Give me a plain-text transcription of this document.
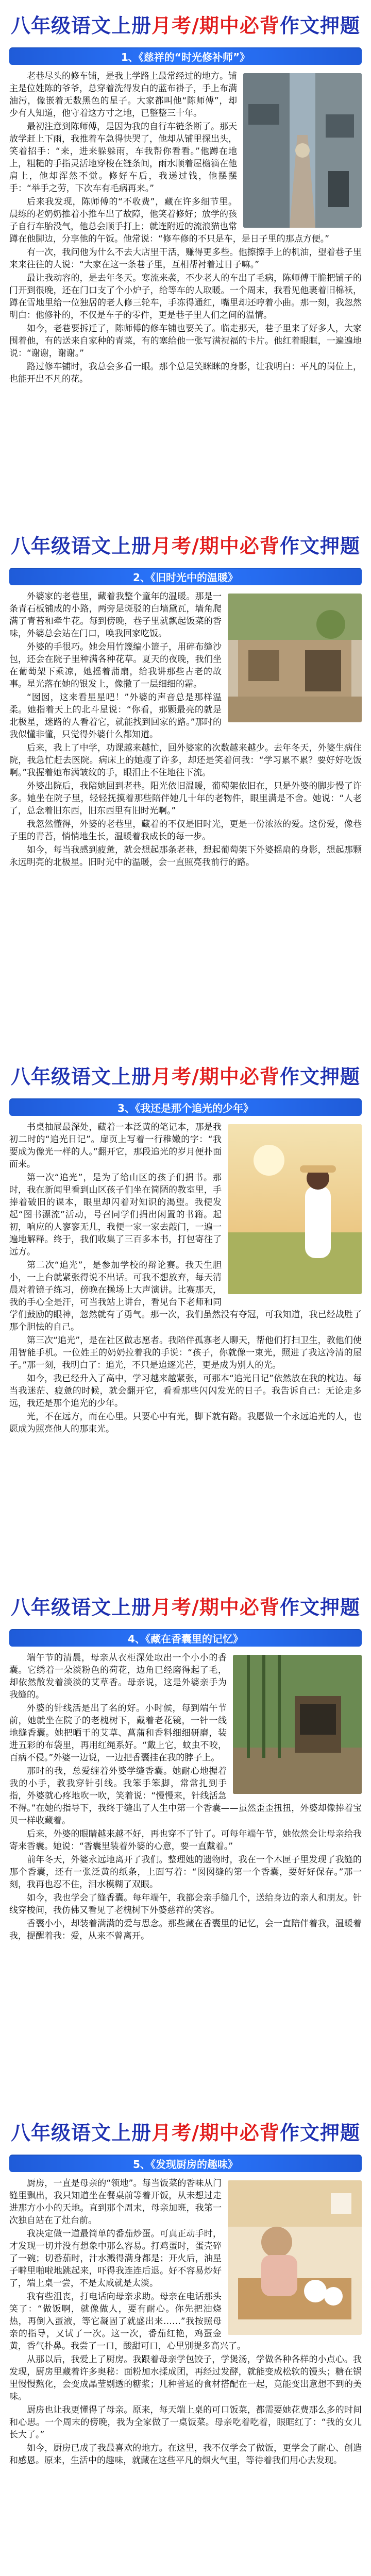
八年级语文上册 月考/期中必背 作文押题
1、《慈祥的“时光修补师”》

老巷尽头的修车铺，是我上学路上最常经过的地方。铺主是位姓陈的爷爷，总穿着洗得发白的蓝布褂子，手上布满油污，像嵌着无数黑色的星子。大家都叫他“陈师傅”，却少有人知道，他守着这方寸之地，已整整三十年。

最初注意到陈师傅，是因为我的自行车链条断了。那天放学赶上下雨，我推着车急得快哭了，他却从铺里探出头，笑着招手：“来，进来躲躲雨，车我帮你看看。”他蹲在地上，粗糙的手指灵活地穿梭在链条间，雨水顺着屋檐滴在他肩上，他却浑然不觉。修好车后，我递过钱，他摆摆手：“举手之劳，下次车有毛病再来。”

后来我发现，陈师傅的“不收费”，藏在许多细节里。晨练的老奶奶推着小推车出了故障，他笑着修好；放学的孩子自行车胎没气，他总会顺手打上；就连附近的流浪猫也常蹲在他脚边，分享他的午饭。他常说：“修车修的不只是车，是日子里的那点方便。”

有一次，我问他为什么不去大店里干活，赚得更多些。他擦擦手上的机油，望着巷子里来来往往的人说：“大家在这一条巷子里，互相帮衬着过日子嘛。”

最让我动容的，是去年冬天。寒流来袭，不少老人的车出了毛病，陈师傅干脆把铺子的门开到很晚，还在门口支了个小炉子，给等车的人取暖。一个周末，我看见他裹着旧棉袄，蹲在雪地里给一位独居的老人修三轮车，手冻得通红，嘴里却还哼着小曲。那一刻，我忽然明白：他修补的，不仅是车子的零件，更是巷子里人们之间的温情。

如今，老巷要拆迁了，陈师傅的修车铺也要关了。临走那天，巷子里来了好多人，大家围着他，有的送来自家种的青菜，有的塞给他一张写满祝福的卡片。他红着眼眶，一遍遍地说：“谢谢，谢谢。”

路过修车铺时，我总会多看一眼。那个总是笑眯眯的身影，让我明白：平凡的岗位上，也能开出不凡的花。

八年级语文上册 月考/期中必背 作文押题
2、《旧时光中的温暖》

外婆家的老巷里，藏着我整个童年的温暖。那是一条青石板铺成的小路，两旁是斑驳的白墙黛瓦，墙角爬满了青苔和牵牛花。每到傍晚，巷子里就飘起饭菜的香味，外婆总会站在门口，唤我回家吃饭。

外婆的手很巧。她会用竹篾编小篮子，用碎布缝沙包，还会在院子里种满各种花草。夏天的夜晚，我们坐在葡萄架下乘凉，她摇着蒲扇，给我讲那些古老的故事。星光落在她的银发上，像撒了一层细细的霜。

“囡囡，这来看星星吧！”外婆的声音总是那样温柔。她指着天上的北斗星说：“你看，那颗最亮的就是北极星，迷路的人看着它，就能找到回家的路。”那时的我似懂非懂，只觉得外婆什么都知道。

后来，我上了中学，功课越来越忙，回外婆家的次数越来越少。去年冬天，外婆生病住院，我急忙赶去医院。病床上的她瘦了许多，却还是笑着问我：“学习累不累？要好好吃饭啊。”我握着她布满皱纹的手，眼泪止不住地往下流。

外婆出院后，我陪她回到老巷。阳光依旧温暖，葡萄架依旧在，只是外婆的脚步慢了许多。她坐在院子里，轻轻抚摸着那些陪伴她几十年的老物件，眼里满是不舍。她说：“人老了，总念着旧东西，旧东西里有旧时光啊。”

我忽然懂得，外婆的老巷里，藏着的不仅是旧时光，更是一份浓浓的爱。这份爱，像巷子里的青苔，悄悄地生长，温暖着我成长的每一步。

如今，每当我感到疲惫，就会想起那条老巷，想起葡萄架下外婆摇扇的身影，想起那颗永远明亮的北极星。旧时光中的温暖，会一直照亮我前行的路。

八年级语文上册 月考/期中必背 作文押题
3、《我还是那个追光的少年》

书桌抽屉最深处，藏着一本泛黄的笔记本，那是我初二时的“追光日记”。扉页上写着一行稚嫩的字：“我要成为像光一样的人。”翻开它，那段追光的岁月便扑面而来。

第一次“追光”，是为了给山区的孩子们捐书。那时，我在新闻里看到山区孩子们坐在简陋的教室里，手捧着破旧的课本，眼里却闪着对知识的渴望。我便发起“图书漂流”活动，号召同学们捐出闲置的书籍。起初，响应的人寥寥无几，我便一家一家去敲门，一遍一遍地解释。终于，我们收集了三百多本书，打包寄往了远方。

第二次“追光”，是参加学校的辩论赛。我天生胆小，一上台就紧张得说不出话。可我不想放弃，每天清晨对着镜子练习，傍晚在操场上大声演讲。比赛那天，我的手心全是汗，可当我站上讲台，看见台下老师和同学们鼓励的眼神，忽然就有了勇气。那一次，我们虽然没有夺冠，可我知道，我已经战胜了那个胆怯的自己。

第三次“追光”，是在社区做志愿者。我陪伴孤寡老人聊天，帮他们打扫卫生，教他们使用智能手机。一位姓王的奶奶拉着我的手说：“孩子，你就像一束光，照进了我这冷清的屋子。”那一刻，我明白了：追光，不只是追逐光芒，更是成为别人的光。

如今，我已经升入了高中，学习越来越紧张，可那本“追光日记”依然放在我的枕边。每当我迷茫、疲惫的时候，就会翻开它，看看那些闪闪发光的日子。我告诉自己：无论走多远，我还是那个追光的少年。

光，不在远方，而在心里。只要心中有光，脚下就有路。我愿做一个永远追光的人，也愿成为照亮他人的那束光。

八年级语文上册 月考/期中必背 作文押题
4、《藏在香囊里的记忆》

端午节的清晨，母亲从衣柜深处取出一个小小的香囊。它绣着一朵淡粉色的荷花，边角已经磨得起了毛，却依然散发着淡淡的艾草香。母亲说，这是外婆亲手为我缝的。

外婆的针线活是出了名的好。小时候，每到端午节前，她就坐在院子的老槐树下，戴着老花镜，一针一线地缝香囊。她把晒干的艾草、菖蒲和香料细细研磨，装进五彩的布袋里，再用红绳系好。“戴上它，蚊虫不咬，百病不侵。”外婆一边说，一边把香囊挂在我的脖子上。

那时的我，总爱缠着外婆学缝香囊。她耐心地握着我的小手，教我穿针引线。我笨手笨脚，常常扎到手指，外婆就心疼地吹一吹，笑着说：“慢慢来，针线活急不得。”在她的指导下，我终于缝出了人生中第一个香囊——虽然歪歪扭扭，外婆却像捧着宝贝一样收藏着。

后来，外婆的眼睛越来越不好，再也穿不了针了。可每年端午节，她依然会让母亲给我寄来香囊。她说：“香囊里装着外婆的心意，要一直戴着。”

前年冬天，外婆永远地离开了我们。整理她的遗物时，我在一个木匣子里发现了我缝的那个香囊，还有一张泛黄的纸条，上面写着：“囡囡缝的第一个香囊，要好好保存。”那一刻，我再也忍不住，泪水模糊了双眼。

如今，我也学会了缝香囊。每年端午，我都会亲手缝几个，送给身边的亲人和朋友。针线穿梭间，我仿佛又看见了老槐树下外婆慈祥的笑容。

香囊小小，却装着满满的爱与思念。那些藏在香囊里的记忆，会一直陪伴着我，温暖着我，提醒着我：爱，从来不曾离开。

八年级语文上册 月考/期中必背 作文押题
5、《发现厨房的趣味》

厨房，一直是母亲的“领地”。每当饭菜的香味从门缝里飘出，我只知道坐在餐桌前等着开饭，从未想过走进那方小小的天地。直到那个周末，母亲加班，我第一次独自站在了灶台前。

我决定做一道最简单的番茄炒蛋。可真正动手时，才发现一切并没有想象中那么容易。打鸡蛋时，蛋壳碎了一碗；切番茄时，汁水溅得满身都是；开火后，油星子噼里啪啦地跳起来，吓得我连连后退。好不容易炒好了，端上桌一尝，不是太咸就是太淡。

我有些沮丧，打电话向母亲求助。母亲在电话那头笑了：“做饭啊，就像做人，要有耐心。你先把油烧热，再倒入蛋液，等它凝固了就盛出来……”我按照母亲的指导，又试了一次。这一次，番茄红艳，鸡蛋金黄，香气扑鼻。我尝了一口，酸甜可口，心里别提多高兴了。

从那以后，我爱上了厨房。我跟着母亲学包饺子，学煲汤，学做各种各样的小点心。我发现，厨房里藏着许多奥秘：面粉加水揉成团，再经过发酵，就能变成松软的馒头；糖在锅里慢慢熬化，会变成晶莹剔透的糖浆；几种普通的食材搭配在一起，竟能变出意想不到的美味。

厨房也让我更懂得了母亲。原来，每天端上桌的可口饭菜，都需要她花费那么多的时间和心思。一个周末的傍晚，我为全家做了一桌饭菜。母亲吃着吃着，眼眶红了：“我的女儿长大了。”

如今，厨房已成了我最喜欢的地方。在这里，我不仅学会了做饭，更学会了耐心、创造和感恩。原来，生活中的趣味，就藏在这些平凡的烟火气里，等待着我们用心去发现。
